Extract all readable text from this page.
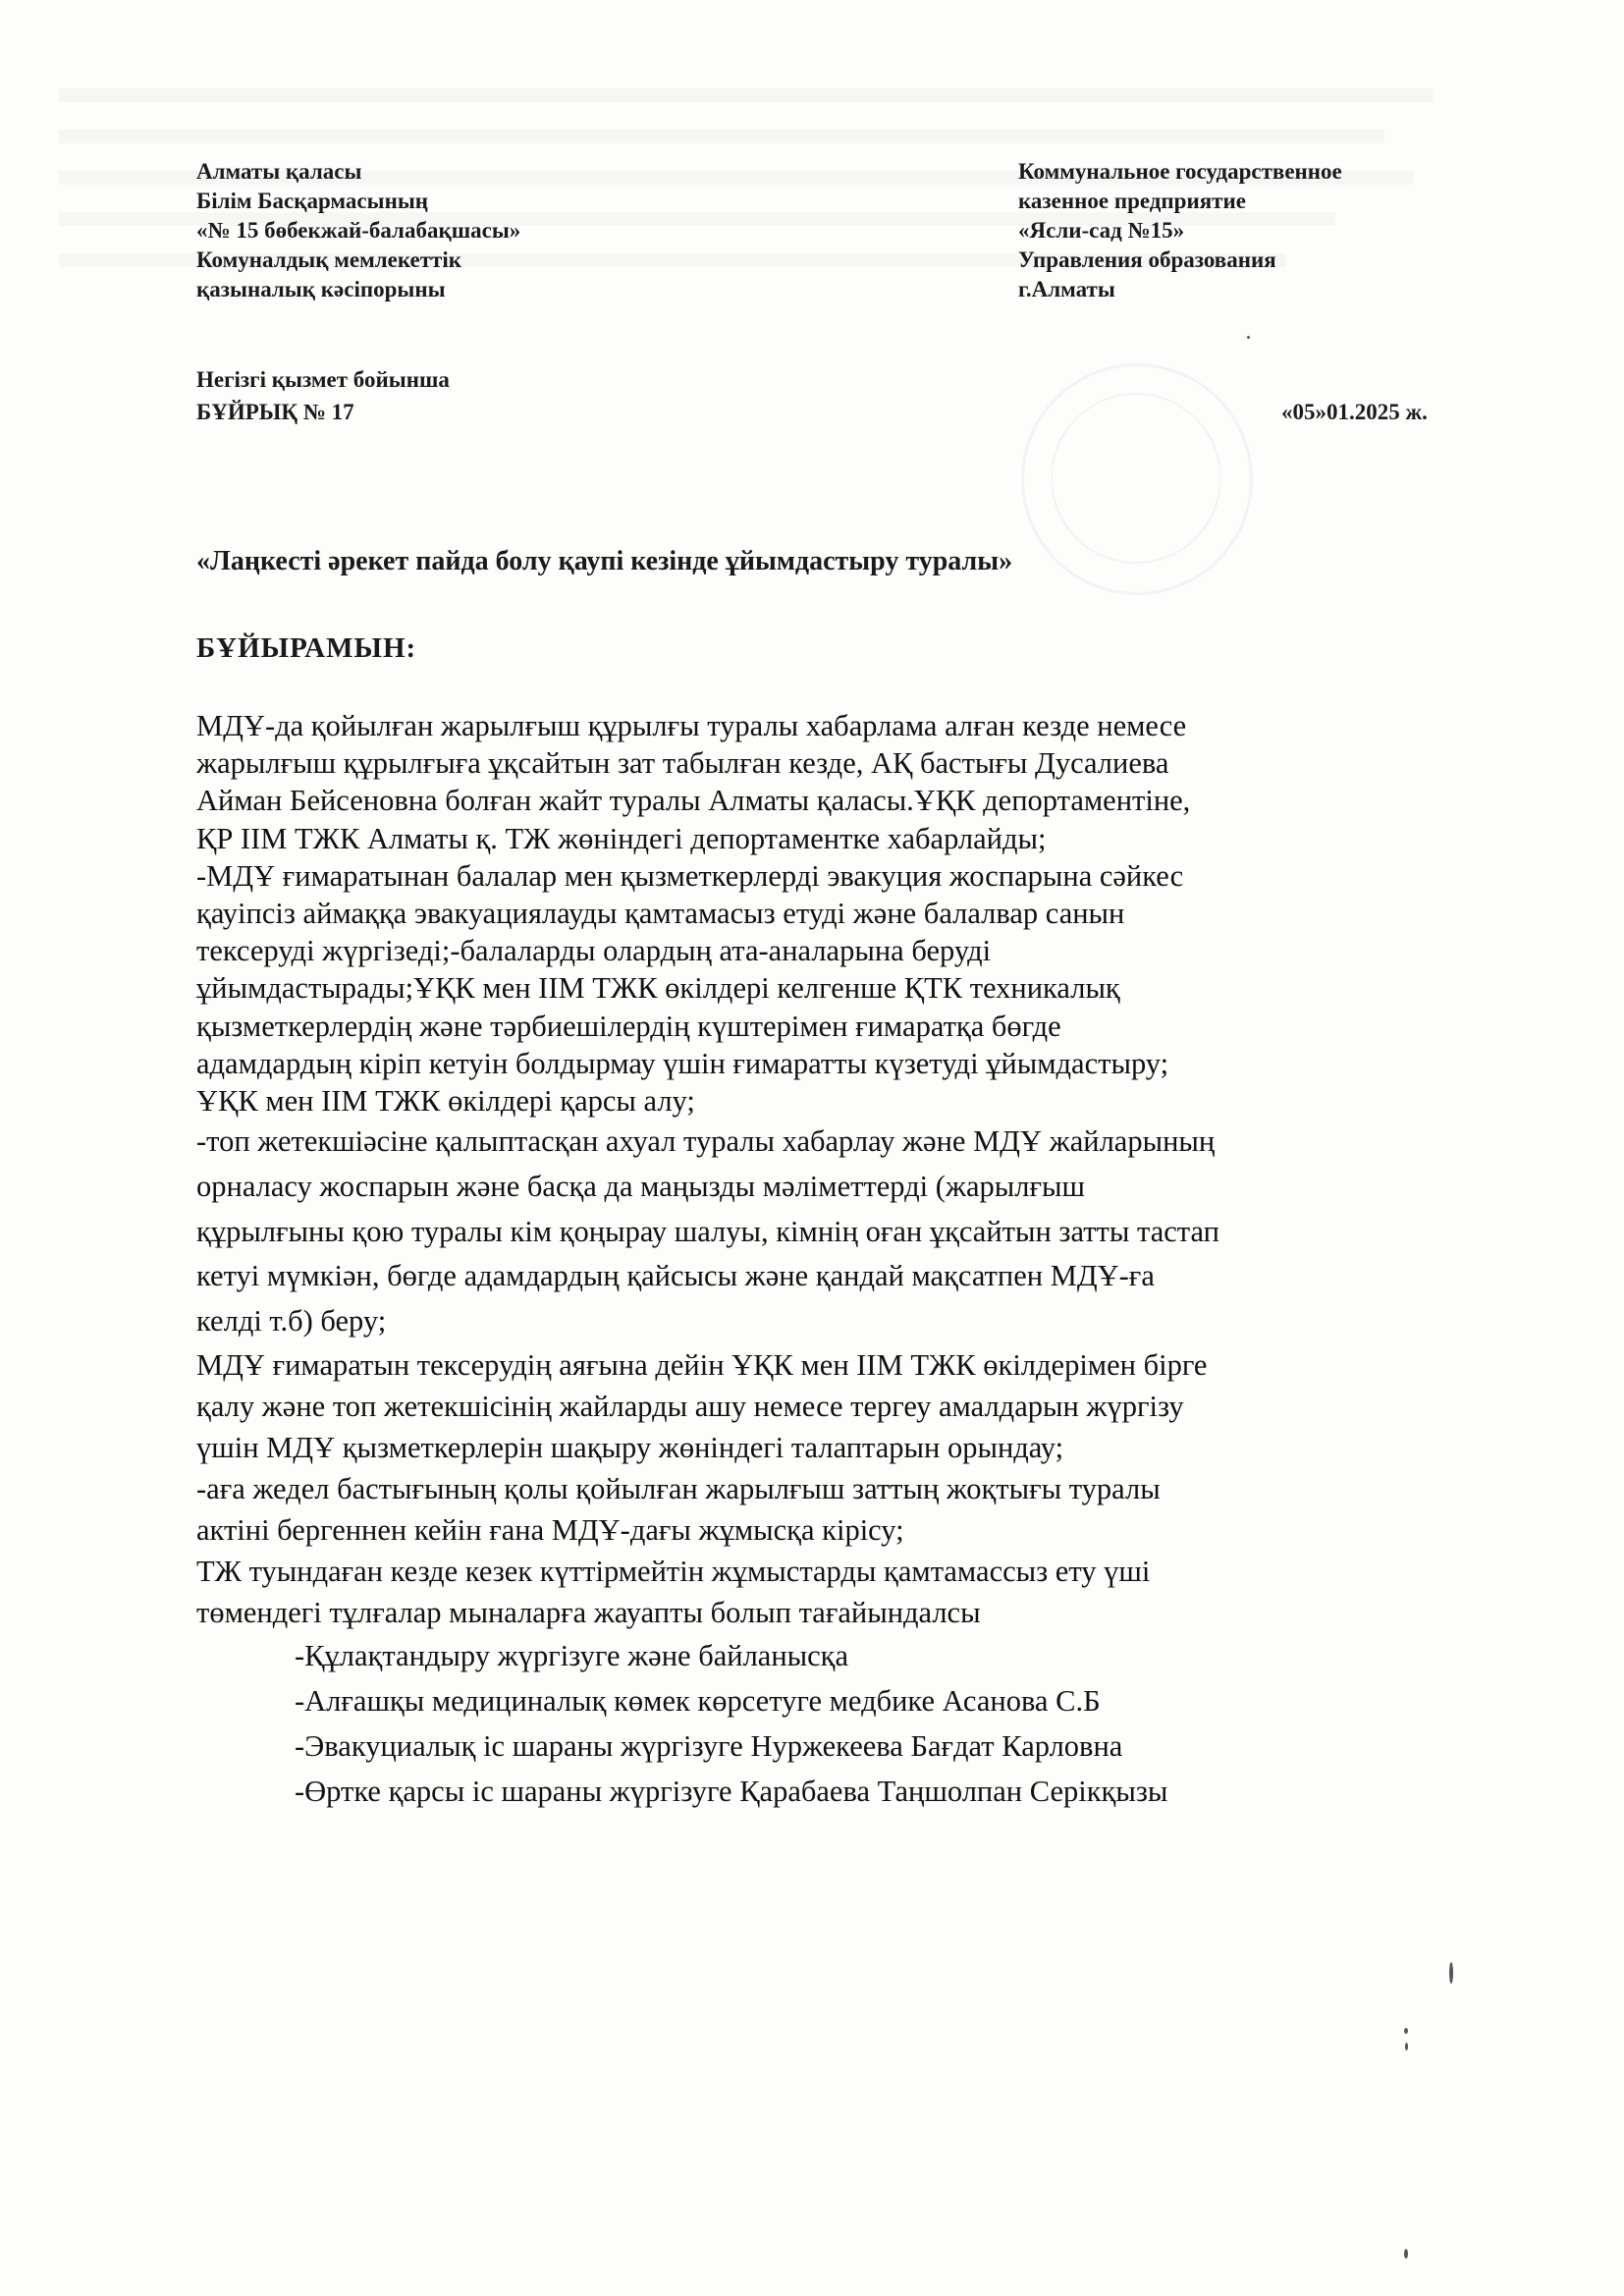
Алматы қаласы
Білім Басқармасының
«№ 15 бөбекжай-балабақшасы»
Комуналдық мемлекеттік
қазыналық кәсіпорыны
Коммунальное государственное
казенное предприятие
«Ясли-сад №15»
Управления образования
г.Алматы
Негізгі қызмет бойынша
БҰЙРЫҚ № 17	«05»01.2025 ж.
«Лаңкесті әрекет пайда болу қаупі кезінде ұйымдастыру туралы»
БҰЙЫРАМЫН:

МДҰ-да қойылған жарылғыш құрылғы туралы хабарлама алған кезде немесе

жарылғыш құрылғыға ұқсайтын зат табылған кезде, АҚ бастығы Дусалиева

Айман Бейсеновна болған жайт туралы Алматы қаласы.ҰҚК депортаментіне,

ҚР ІІМ ТЖК Алматы қ. ТЖ жөніндегі депортаментке хабарлайды;

-МДҰ ғимаратынан балалар мен қызметкерлерді эвакуция жоспарына сәйкес

қауіпсіз аймаққа эвакуациялауды қамтамасыз етуді және балалвар санын

тексеруді жүргізеді;-балаларды олардың ата-аналарына беруді

ұйымдастырады;ҰҚК мен ІІМ ТЖК өкілдері келгенше ҚТК техникалық

қызметкерлердің және тәрбиешілердің күштерімен ғимаратқа бөгде

адамдардың кіріп кетуін болдырмау үшін ғимаратты күзетуді ұйымдастыру;

ҰҚК мен ІІМ ТЖК өкілдері қарсы алу;

-топ жетекшіәсіне қалыптасқан ахуал туралы хабарлау және МДҰ жайларының

орналасу жоспарын және басқа да маңызды мәліметтерді (жарылғыш

құрылғыны қою туралы кім қоңырау шалуы, кімнің оған ұқсайтын затты тастап

кетуі мүмкіән, бөгде адамдардың қайсысы және қандай мақсатпен МДҰ-ға

келді т.б) беру;

МДҰ ғимаратын тексерудің аяғына дейін ҰҚК мен ІІМ ТЖК өкілдерімен бірге

қалу және топ жетекшісінің жайларды ашу немесе тергеу амалдарын жүргізу

үшін МДҰ қызметкерлерін шақыру жөніндегі талаптарын орындау;

-аға жедел бастығының қолы қойылған жарылғыш заттың жоқтығы туралы

актіні бергеннен кейін ғана МДҰ-дағы жұмысқа кірісу;

ТЖ туындаған кезде кезек күттірмейтін жұмыстарды қамтамассыз ету үші

төмендегі тұлғалар мыналарға жауапты болып тағайындалсы

-Құлақтандыру жүргізуге және байланысқа

-Алғашқы медициналық көмек көрсетуге медбике Асанова С.Б

-Эвакуциалық іс шараны жүргізуге Нуржекеева Бағдат Карловна

-Өртке қарсы іс шараны жүргізуге Қарабаева Таңшолпан Серікқызы
